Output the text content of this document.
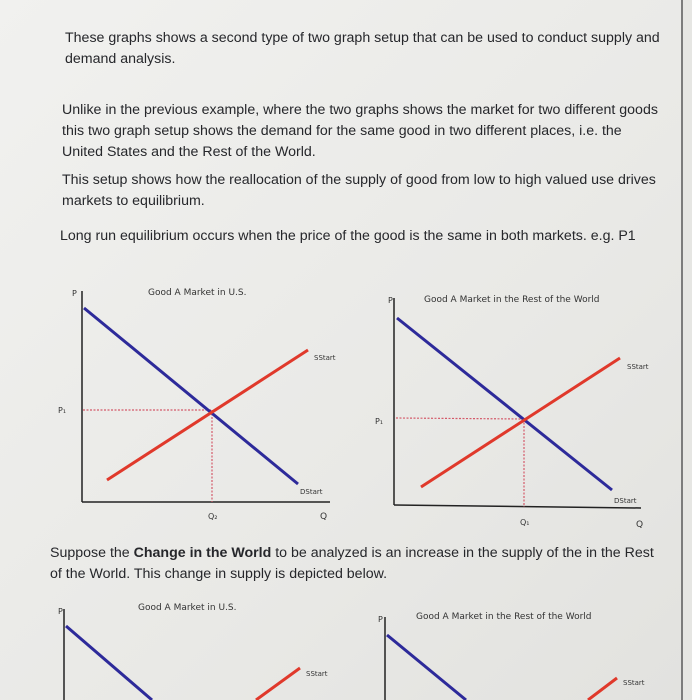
These graphs shows a second type of two graph setup that can be used to conduct supply and demand analysis.

Unlike in the previous example, where the two graphs shows the market for two different goods this two graph setup shows the demand for the same good in two different places, i.e. the United States and the Rest of the World.

This setup shows how the reallocation of the supply of good from low to high valued use drives markets to equilibrium.

Long run equilibrium occurs when the price of the good is the same in both markets. e.g. P1

Suppose the Change in the World to be analyzed is an increase in the supply of the in the Rest of the World. This change in supply is depicted below.

Good A Market in U.S.
P
P₁
Q₂	Q
SStart
DStart
Good A Market in the Rest of the World
P
P₁
Q₁	Q
SStart
DStart
Good A Market in U.S.
P
SStart
Good A Market in the Rest of the World
P
SStart
